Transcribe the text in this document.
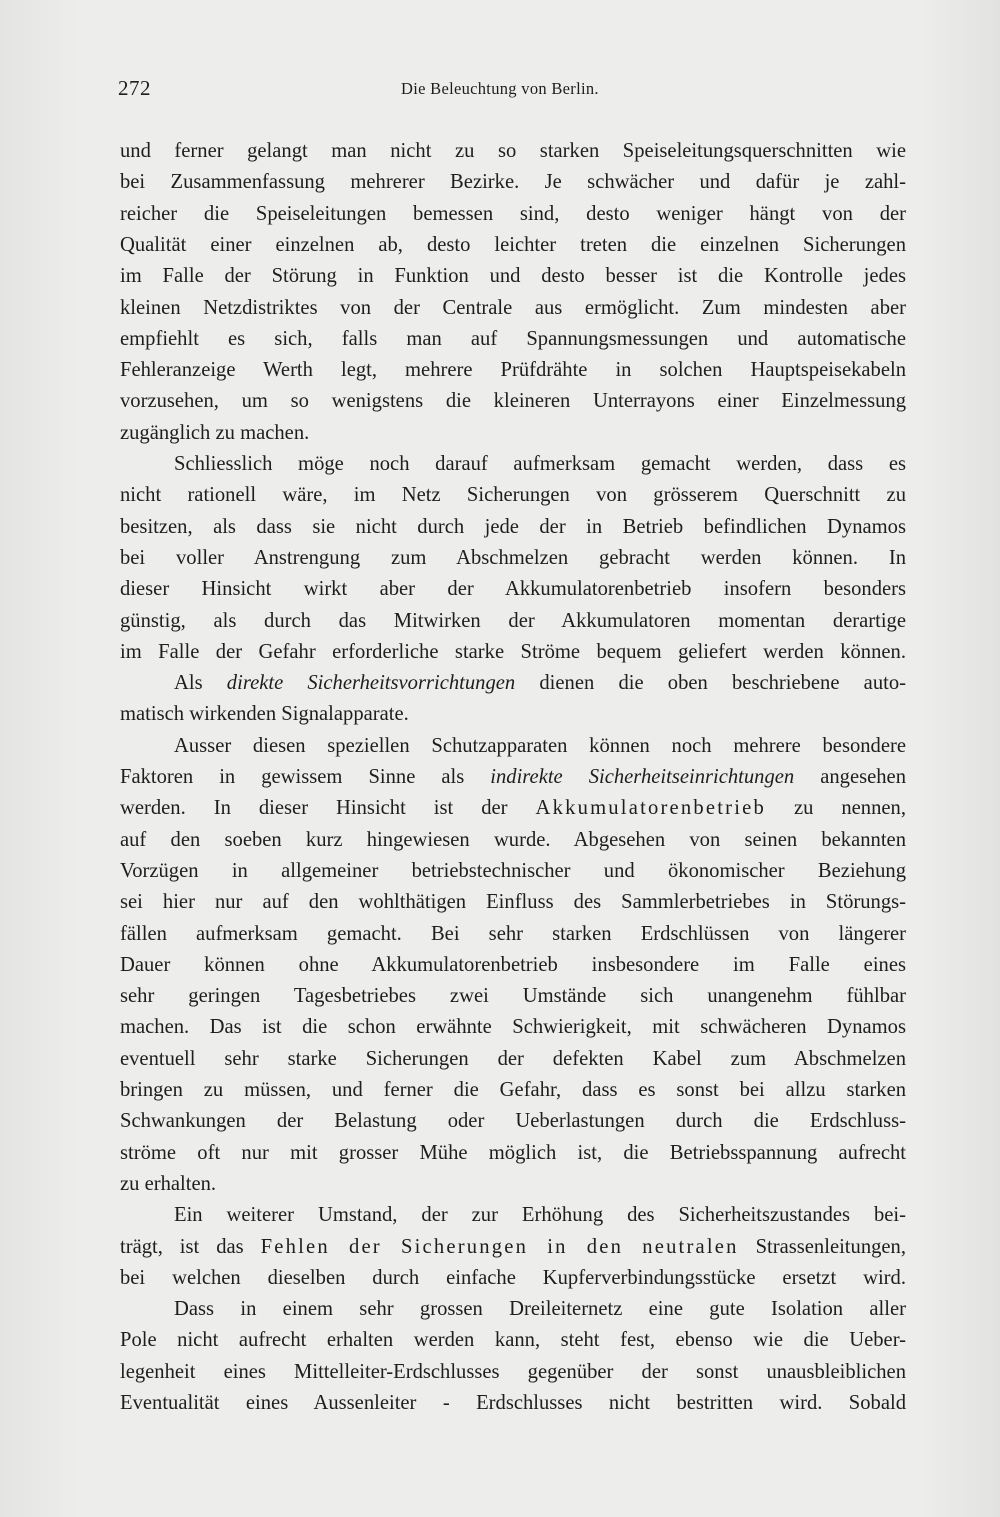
272	Die Beleuchtung von Berlin.
und ferner gelangt man nicht zu so starken Speiseleitungsquerschnitten wie
bei Zusammenfassung mehrerer Bezirke. Je schwächer und dafür je zahl-
reicher die Speiseleitungen bemessen sind, desto weniger hängt von der
Qualität einer einzelnen ab, desto leichter treten die einzelnen Sicherungen
im Falle der Störung in Funktion und desto besser ist die Kontrolle jedes
kleinen Netzdistriktes von der Centrale aus ermöglicht. Zum mindesten aber
empfiehlt es sich, falls man auf Spannungsmessungen und automatische
Fehleranzeige Werth legt, mehrere Prüfdrähte in solchen Hauptspeisekabeln
vorzusehen, um so wenigstens die kleineren Unterrayons einer Einzelmessung
zugänglich zu machen.
Schliesslich möge noch darauf aufmerksam gemacht werden, dass es
nicht rationell wäre, im Netz Sicherungen von grösserem Querschnitt zu
besitzen, als dass sie nicht durch jede der in Betrieb befindlichen Dynamos
bei voller Anstrengung zum Abschmelzen gebracht werden können. In
dieser Hinsicht wirkt aber der Akkumulatorenbetrieb insofern besonders
günstig, als durch das Mitwirken der Akkumulatoren momentan derartige
im Falle der Gefahr erforderliche starke Ströme bequem geliefert werden können.
Als direkte Sicherheitsvorrichtungen dienen die oben beschriebene auto-
matisch wirkenden Signalapparate.
Ausser diesen speziellen Schutzapparaten können noch mehrere besondere
Faktoren in gewissem Sinne als indirekte Sicherheitseinrichtungen angesehen
werden. In dieser Hinsicht ist der Akkumulatorenbetrieb zu nennen,
auf den soeben kurz hingewiesen wurde. Abgesehen von seinen bekannten
Vorzügen in allgemeiner betriebstechnischer und ökonomischer Beziehung
sei hier nur auf den wohlthätigen Einfluss des Sammlerbetriebes in Störungs-
fällen aufmerksam gemacht. Bei sehr starken Erdschlüssen von längerer
Dauer können ohne Akkumulatorenbetrieb insbesondere im Falle eines
sehr geringen Tagesbetriebes zwei Umstände sich unangenehm fühlbar
machen. Das ist die schon erwähnte Schwierigkeit, mit schwächeren Dynamos
eventuell sehr starke Sicherungen der defekten Kabel zum Abschmelzen
bringen zu müssen, und ferner die Gefahr, dass es sonst bei allzu starken
Schwankungen der Belastung oder Ueberlastungen durch die Erdschluss-
ströme oft nur mit grosser Mühe möglich ist, die Betriebsspannung aufrecht
zu erhalten.
Ein weiterer Umstand, der zur Erhöhung des Sicherheitszustandes bei-
trägt, ist das Fehlen der Sicherungen in den neutralen Strassenleitungen,
bei welchen dieselben durch einfache Kupferverbindungsstücke ersetzt wird.
Dass in einem sehr grossen Dreileiternetz eine gute Isolation aller
Pole nicht aufrecht erhalten werden kann, steht fest, ebenso wie die Ueber-
legenheit eines Mittelleiter-Erdschlusses gegenüber der sonst unausbleiblichen
Eventualität eines Aussenleiter - Erdschlusses nicht bestritten wird. Sobald
